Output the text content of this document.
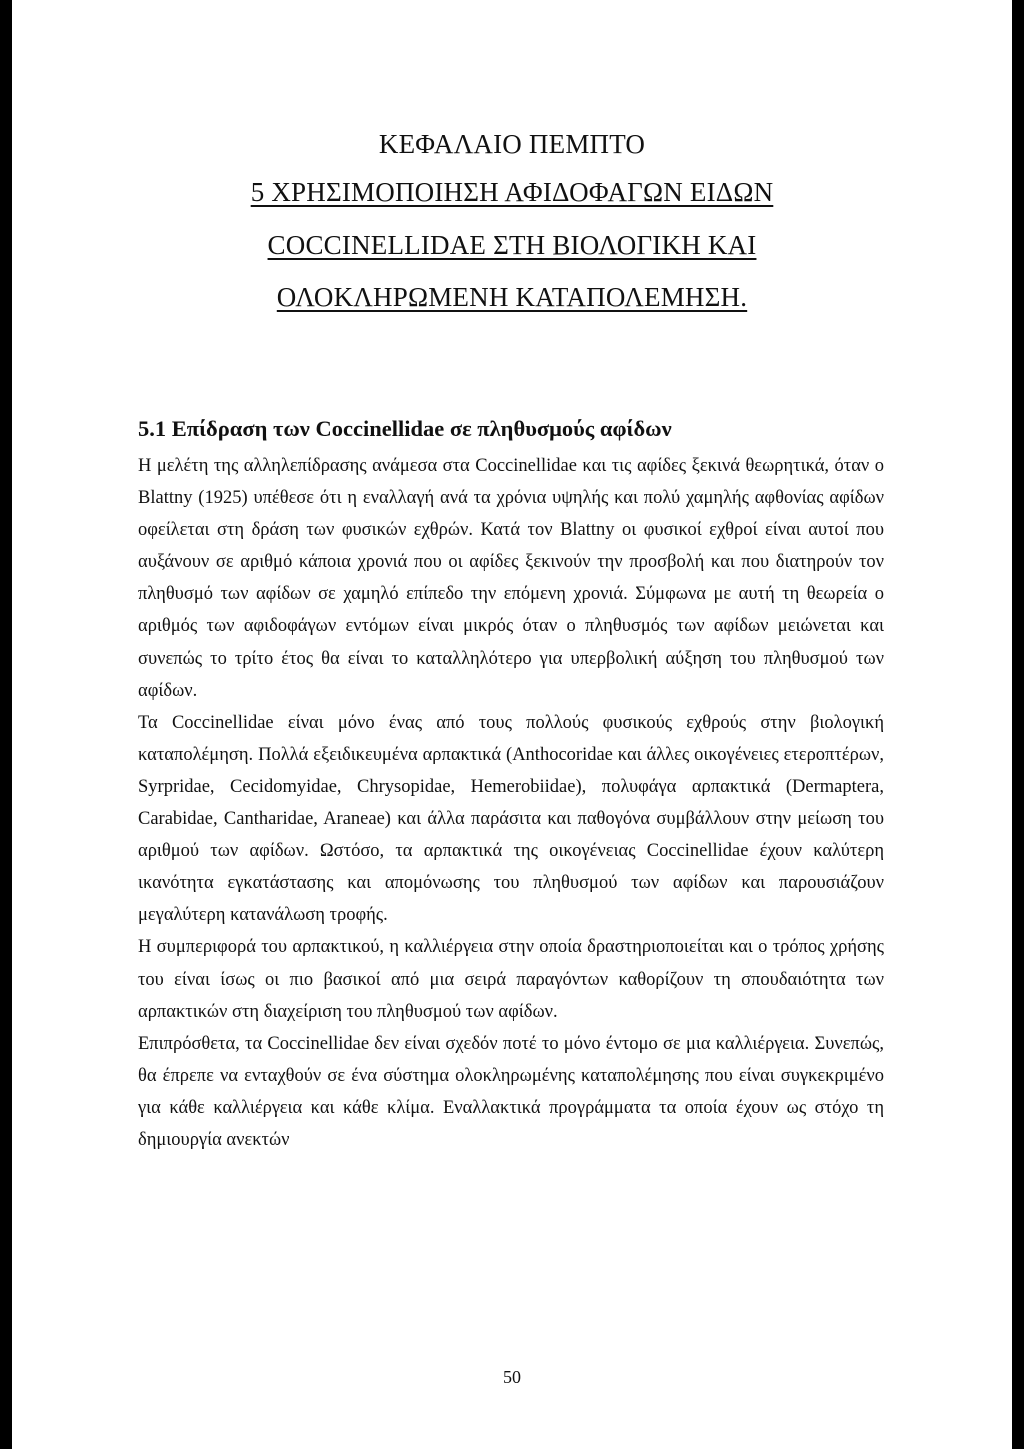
ΚΕΦΑΛΑΙΟ ΠΕΜΠΤΟ
5 ΧΡΗΣΙΜΟΠΟΙΗΣΗ ΑΦΙΔΟΦΑΓΩΝ ΕΙΔΩΝ
COCCINELLIDAE ΣΤΗ ΒΙΟΛΟΓΙΚΗ ΚΑΙ
ΟΛΟΚΛΗΡΩΜΕΝΗ ΚΑΤΑΠΟΛΕΜΗΣΗ.
5.1 Επίδραση των Coccinellidae σε πληθυσμούς αφίδων

Η μελέτη της αλληλεπίδρασης ανάμεσα στα Coccinellidae και τις αφίδες ξεκινά θεωρητικά, όταν ο Blattny (1925) υπέθεσε ότι η εναλλαγή ανά τα χρόνια υψηλής και πολύ χαμηλής αφθονίας αφίδων οφείλεται στη δράση των φυσικών εχθρών. Κατά τον Blattny οι φυσικοί εχθροί είναι αυτοί που αυξάνουν σε αριθμό κάποια χρονιά που οι αφίδες ξεκινούν την προσβολή και που διατηρούν τον πληθυσμό των αφίδων σε χαμηλό επίπεδο την επόμενη χρονιά. Σύμφωνα με αυτή τη θεωρεία ο αριθμός των αφιδοφάγων εντόμων είναι μικρός όταν ο πληθυσμός των αφίδων μειώνεται και συνεπώς το τρίτο έτος θα είναι το καταλληλότερο για υπερβολική αύξηση του πληθυσμού των αφίδων.

Τα Coccinellidae είναι μόνο ένας από τους πολλούς φυσικούς εχθρούς στην βιολογική καταπολέμηση. Πολλά εξειδικευμένα αρπακτικά (Anthocoridae και άλλες οικογένειες ετεροπτέρων, Syrpridae, Cecidomyidae, Chrysopidae, Hemerobiidae), πολυφάγα αρπακτικά (Dermaptera, Carabidae, Cantharidae, Araneae) και άλλα παράσιτα και παθογόνα συμβάλλουν στην μείωση του αριθμού των αφίδων. Ωστόσο, τα αρπακτικά της οικογένειας Coccinellidae έχουν καλύτερη ικανότητα εγκατάστασης και απομόνωσης του πληθυσμού των αφίδων και παρουσιάζουν μεγαλύτερη κατανάλωση τροφής.

Η συμπεριφορά του αρπακτικού, η καλλιέργεια στην οποία δραστηριοποιείται και ο τρόπος χρήσης του είναι ίσως οι πιο βασικοί από μια σειρά παραγόντων καθορίζουν τη σπουδαιότητα των αρπακτικών στη διαχείριση του πληθυσμού των αφίδων.

Επιπρόσθετα, τα Coccinellidae δεν είναι σχεδόν ποτέ το μόνο έντομο σε μια καλλιέργεια. Συνεπώς, θα έπρεπε να ενταχθούν σε ένα σύστημα ολοκληρωμένης καταπολέμησης που είναι συγκεκριμένο για κάθε καλλιέργεια και κάθε κλίμα. Εναλλακτικά προγράμματα τα οποία έχουν ως στόχο τη δημιουργία ανεκτών

50
